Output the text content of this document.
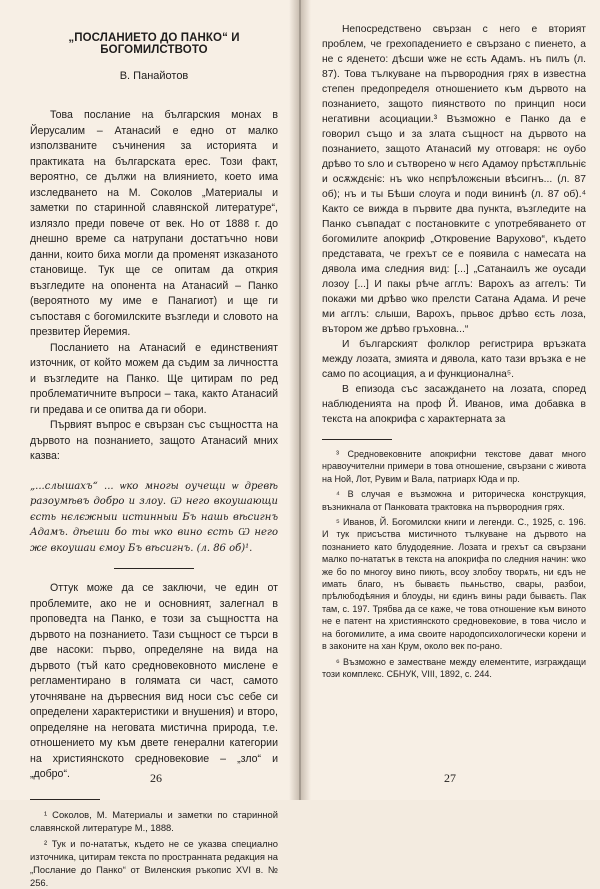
„ПОСЛАНИЕТО ДО ПАНКО“ И БОГОМИЛСТВОТО
В. Панайотов

Това послание на българския монах в Йерусалим – Атанасий е едно от малко използваните съчинения за историята и практиката на българската ерес. Този факт, вероятно, се дължи на влиянието, което има изследването на М. Соколов „Материалы и заметки по старинной славянской литературе“, излязло преди повече от век. Но от 1888 г. до днешно време са натрупани достатъчно нови данни, които биха могли да променят изказаното становище. Тук ще се опитам да открия възгледите на опонента на Атанасий – Панко (вероятното му име е Панагиот) и ще ги съпоставя с богомилските възгледи и словото на презвитер Йеремия.

Посланието на Атанасий е единственият източник, от който можем да съдим за личността и възгледите на Панко. Ще цитирам по ред проблематичните въпроси – така, както Атанасий ги предава и се опитва да ги обори.

Първият въпрос е свързан със същността на дървото на познанието, защото Атанасий мних казва:

„...слышахъ“ ... ѡко многы оучещи ѡ древѣ разоумѣвъ добро и злоу. Ѡ него вкоушающи єсть нєлєжныи истинныи Бъ нашь вѣсигнъ Адамъ. дѣеши бо ты ѡко вино єсть Ѡ него же вкоушаи ємоу Бъ вѣсигнъ. (л. 86 об)¹.

Оттук може да се заключи, че един от проблемите, ако не и основният, залегнал в проповедта на Панко, е този за същността на дървото на познанието. Тази същност се търси в две насоки: първо, определяне на вида на дървото (тъй като средновековното мислене е регламентирано в голямата си част, самото уточняване на дървесния вид носи със себе си определени характеристики и внушения) и второ, определяне на неговата мистична природа, т.е. отношението му към двете генерални категории на християнското средновековие – „зло“ и „добро“.

¹ Соколов, М. Материалы и заметки по старинной славянской литературе М., 1888.
² Тук и по-нататък, където не се указва специално източника, цитирам текста по пространната редакция на „Послание до Панко“ от Виленския ръкопис XVI в. № 256.
26

Непосредствено свързан с него е вторият проблем, че грехопадението е свързано с пиенето, а не с яденето: дѣсши ѡже не єсть Адамъ. нъ пилъ (л. 87). Това тълкуване на първородния грях в известна степен предопределя отношението към дървото на познанието, защото пиянството по принцип носи негативни асоциации.³ Възможно е Панко да е говорил също и за злата същност на дървото на познанието, защото Атанасий му отговаря: нє оубо дрѣво то ѕло и сътворено ѡ нєго Адамоу прѣстѫпльніє и осѫждєніє: нъ ѡко нєпрѣложєныи вѣсигнъ... (л. 87 об); нъ и ты Бѣши слоуга и поди вининѣ (л. 87 об).⁴ Както се вижда в първите два пункта, възгледите на Панко съвпадат с постановките с употребяването от богомилите апокриф „Откровение Варухово“, където представата, че грехът се е появила с намесата на дявола има следния вид: [...] „Сатанаилъ же оусади лозоу [...] И пакы рѣче агглъ: Варохъ аз аггелъ: Ти покажи ми дрѣво ѡко прелсти Сатана Адама. И рече ми агглъ: слыши, Варохъ, прьвоє дрѣво єсть лоза, вътором же дрѣво гръховна...“

И българският фолклор регистрира връзката между лозата, змията и дявола, като тази връзка е не само по асоциация, а и функционална⁵.

В епизода със засаждането на лозата, според наблюденията на проф Й. Иванов, има добавка в текста на апокрифа с характерната за

³ Средновековните апокрифни текстове дават много нравоучителни примери в това отношение, свързани с живота на Ной, Лот, Рувим и Вала, патриарх Юда и пр.
⁴ В случая е възможна и риторическа конструкция, възникнала от Панковата трактовка на първородния грях.
⁵ Иванов, Й. Богомилски книги и легенди. С., 1925, с. 196. И тук присъства мистичното тълкуване на дървото на познанието като блудодеяние. Лозата и грехът са свързани малко по-нататък в текста на апокрифа по следния начин: ѡко же бо по многоу вино пиють, всоу злобоу творѧть, ни єдъ не имать благо, нъ бываєть пьѧньство, свары, разбои, прѣлюбодѣяния и блоуды, ни єдинъ вины ради бываєть. Пак там, с. 197. Трябва да се каже, че това отношение към виното не е патент на християнското средновековие, в това число и на богомилите, а има своите народопсихологически корени и в законите на хан Крум, около век по-рано.
⁶ Възможно е заместване между елементите, изграждащи този комплекс. СБНУК, VIII, 1892, с. 244.
27
